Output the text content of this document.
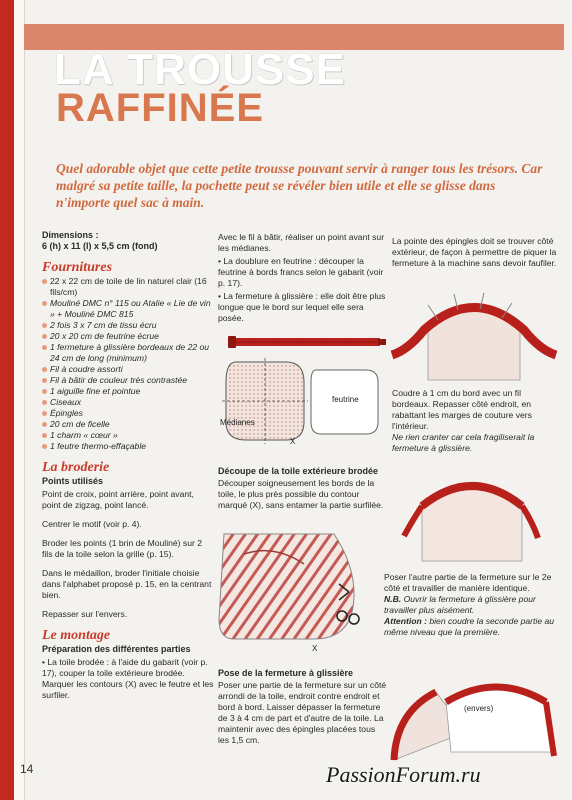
LA TROUSSE
RAFFINÉE
Quel adorable objet que cette petite trousse pouvant servir à ranger tous les trésors. Car malgré sa petite taille, la pochette peut se révéler bien utile et elle se glisse dans n'importe quel sac à main.
Dimensions :
6 (h) x 11 (l) x 5,5 cm (fond)
Fournitures
22 x 22 cm de toile de lin naturel clair (16 fils/cm)
Mouliné DMC n° 115 ou Atalie « Lie de vin » + Mouliné DMC 815
2 fois 3 x 7 cm de tissu écru
20 x 20 cm de feutrine écrue
1 fermeture à glissière bordeaux de 22 ou 24 cm de long (minimum)
Fil à coudre assorti
Fil à bâtir de couleur très contrastée
1 aiguille fine et pointue
Ciseaux
Épingles
20 cm de ficelle
1 charm « cœur »
1 feutre thermo-effaçable
La broderie
Points utilisés

Point de croix, point arrière, point avant, point de zigzag, point lancé.

Centrer le motif (voir p. 4).

Broder les points (1 brin de Mouliné) sur 2 fils de la toile selon la grille (p. 15).

Dans le médaillon, broder l'initiale choisie dans l'alphabet proposé p. 15, en la centrant bien.

Repasser sur l'envers.

Le montage
Préparation des différentes parties

• La toile brodée : à l'aide du gabarit (voir p. 17), couper la toile extérieure brodée. Marquer les contours (X) avec le feutre et les surfiler.

Avec le fil à bâtir, réaliser un point avant sur les médianes.

• La doublure en feutrine : découper la feutrine à bords francs selon le gabarit (voir p. 17).

• La fermeture à glissière : elle doit être plus longue que le bord sur lequel elle sera posée.

feutrine
Médianes
X
Découpe de la toile extérieure brodée

Découper soigneusement les bords de la toile, le plus près possible du contour marqué (X), sans entamer la partie surfilée.

X
Pose de la fermeture à glissière

Poser une partie de la fermeture sur un côté arrondi de la toile, endroit contre endroit et bord à bord. Laisser dépasser la fermeture de 3 à 4 cm de part et d'autre de la toile. La maintenir avec des épingles placées tous les 1,5 cm.

La pointe des épingles doit se trouver côté extérieur, de façon à permettre de piquer la fermeture à la machine sans devoir faufiler.

Coudre à 1 cm du bord avec un fil bordeaux. Repasser côté endroit, en rabattant les marges de couture vers l'intérieur.

Ne rien cranter car cela fragiliserait la fermeture à glissière.

Poser l'autre partie de la fermeture sur le 2e côté et travailler de manière identique.

N.B. Ouvrir la fermeture à glissière pour travailler plus aisément.

Attention : bien coudre la seconde partie au même niveau que la première.

(envers)
14	PassionForum.ru
